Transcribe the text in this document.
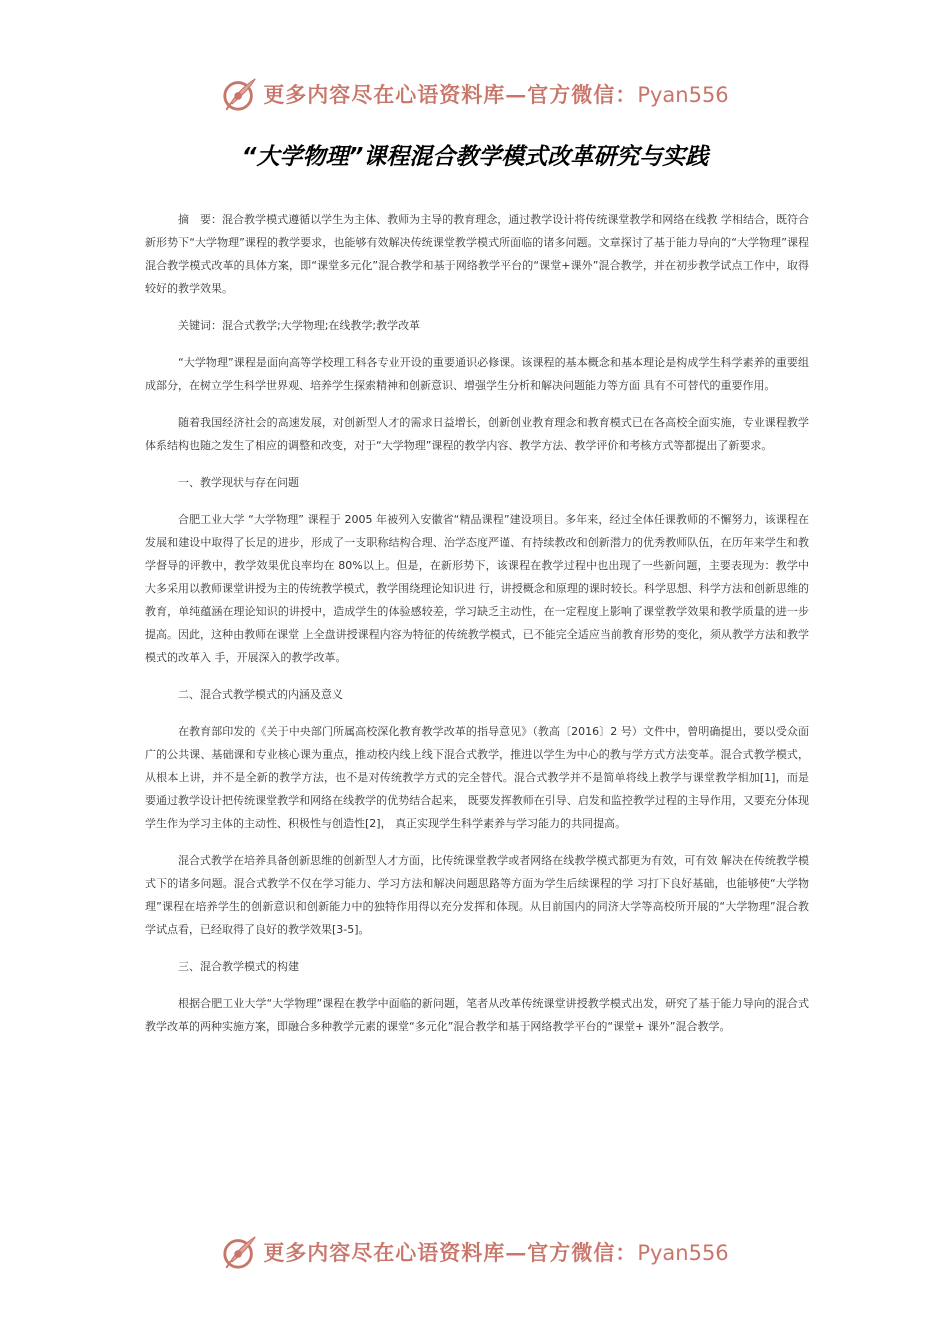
更多内容尽在心语资料库—官方微信：Pyan556
“大学物理”课程混合教学模式改革研究与实践

摘　要：混合教学模式遵循以学生为主体、教师为主导的教育理念，通过教学设计将传统课堂教学和网络在线教 学相结合，既符合新形势下“大学物理”课程的教学要求，也能够有效解决传统课堂教学模式所面临的诸多问题。文章探讨了基于能力导向的“大学物理”课程混合教学模式改革的具体方案，即“课堂多元化”混合教学和基于网络教学平台的“课堂+课外”混合教学，并在初步教学试点工作中，取得较好的教学效果。

关键词：混合式教学;大学物理;在线教学;教学改革

“大学物理”课程是面向高等学校理工科各专业开设的重要通识必修课。该课程的基本概念和基本理论是构成学生科学素养的重要组成部分，在树立学生科学世界观、培养学生探索精神和创新意识、增强学生分析和解决问题能力等方面 具有不可替代的重要作用。

随着我国经济社会的高速发展，对创新型人才的需求日益增长，创新创业教育理念和教育模式已在各高校全面实施，专业课程教学体系结构也随之发生了相应的调整和改变，对于“大学物理”课程的教学内容、教学方法、教学评价和考核方式等都提出了新要求。

一、教学现状与存在问题

合肥工业大学 “大学物理” 课程于 2005 年被列入安徽省“精品课程”建设项目。多年来，经过全体任课教师的不懈努力，该课程在发展和建设中取得了长足的进步，形成了一支职称结构合理、治学态度严谨、有持续教改和创新潜力的优秀教师队伍，在历年来学生和教学督导的评教中，教学效果优良率均在 80%以上。但是，在新形势下，该课程在教学过程中也出现了一些新问题，主要表现为：教学中大多采用以教师课堂讲授为主的传统教学模式，教学围绕理论知识进 行，讲授概念和原理的课时较长。科学思想、科学方法和创新思维的教育，单纯蕴涵在理论知识的讲授中，造成学生的体验感较差，学习缺乏主动性，在一定程度上影响了课堂教学效果和教学质量的进一步提高。因此，这种由教师在课堂 上全盘讲授课程内容为特征的传统教学模式，已不能完全适应当前教育形势的变化，须从教学方法和教学模式的改革入 手，开展深入的教学改革。

二、混合式教学模式的内涵及意义

在教育部印发的《关于中央部门所属高校深化教育教学改革的指导意见》（教高〔2016〕2 号）文件中，曾明确提出，要以受众面广的公共课、基础课和专业核心课为重点，推动校内线上线下混合式教学，推进以学生为中心的教与学方式方法变革。混合式教学模式，从根本上讲，并不是全新的教学方法，也不是对传统教学方式的完全替代。混合式教学并不是简单将线上教学与课堂教学相加[1]，而是要通过教学设计把传统课堂教学和网络在线教学的优势结合起来， 既要发挥教师在引导、启发和监控教学过程的主导作用，又要充分体现学生作为学习主体的主动性、积极性与创造性[2]， 真正实现学生科学素养与学习能力的共同提高。

混合式教学在培养具备创新思维的创新型人才方面，比传统课堂教学或者网络在线教学模式都更为有效，可有效 解决在传统教学模式下的诸多问题。混合式教学不仅在学习能力、学习方法和解决问题思路等方面为学生后续课程的学 习打下良好基础，也能够使“大学物理”课程在培养学生的创新意识和创新能力中的独特作用得以充分发挥和体现。从目前国内的同济大学等高校所开展的“大学物理”混合教学试点看，已经取得了良好的教学效果[3-5]。

三、混合教学模式的构建

根据合肥工业大学“大学物理”课程在教学中面临的新问题，笔者从改革传统课堂讲授教学模式出发，研究了基于能力导向的混合式教学改革的两种实施方案，即融合多种教学元素的课堂“多元化”混合教学和基于网络教学平台的“课堂+ 课外”混合教学。

更多内容尽在心语资料库—官方微信：Pyan556
